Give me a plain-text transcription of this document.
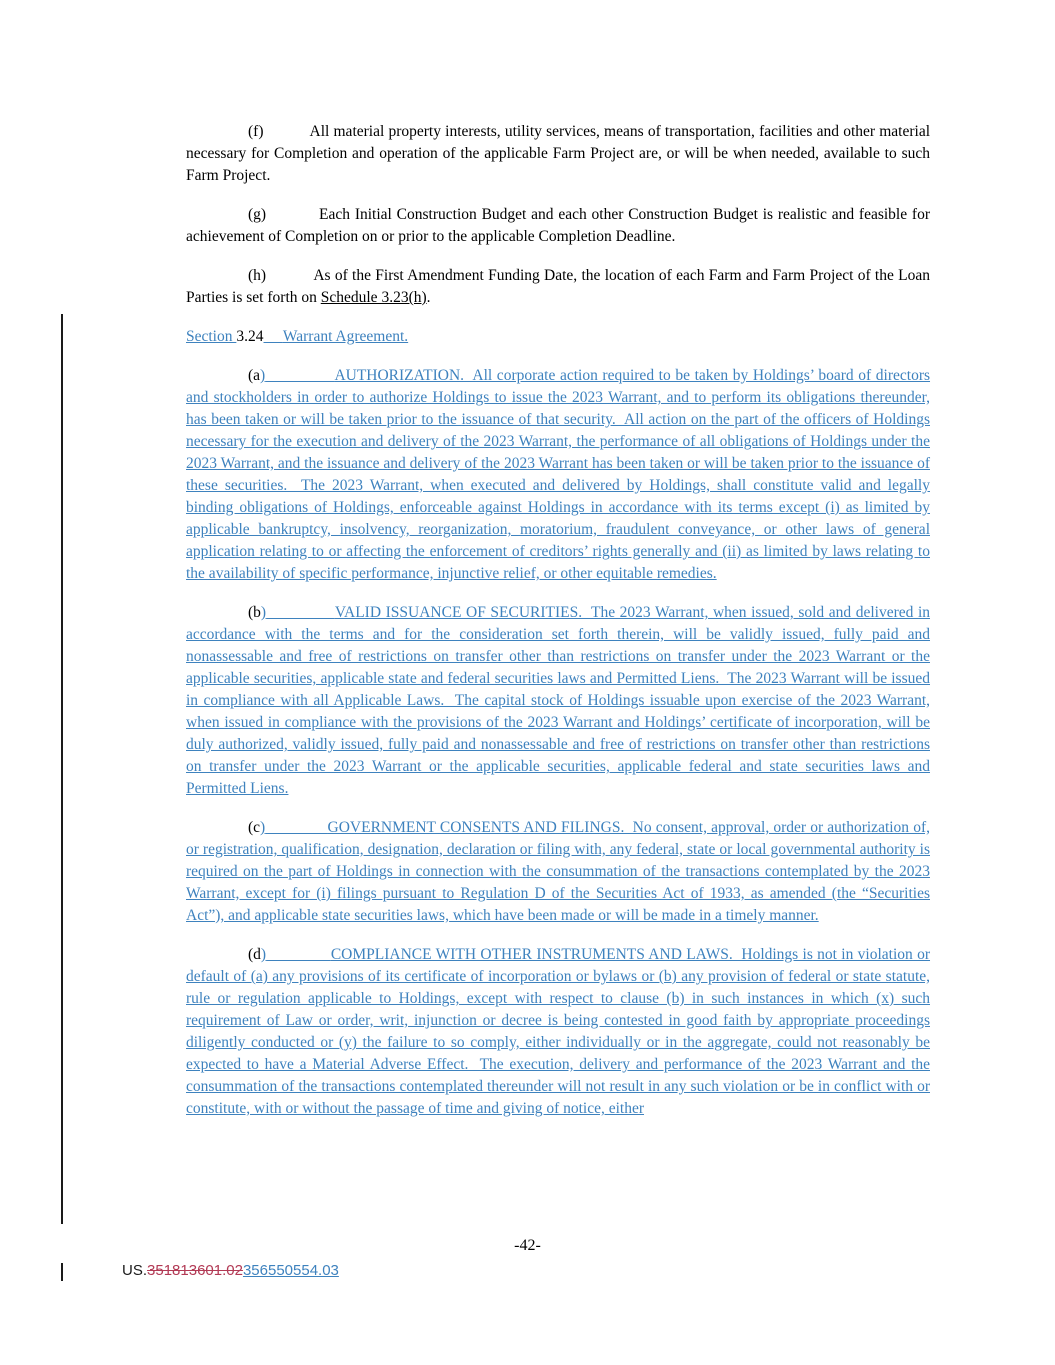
(f)	All material property interests, utility services, means of transportation, facilities and other material necessary for Completion and operation of the applicable Farm Project are, or will be when needed, available to such Farm Project.

(g)	Each Initial Construction Budget and each other Construction Budget is realistic and feasible for achievement of Completion on or prior to the applicable Completion Deadline.

(h)	As of the First Amendment Funding Date, the location of each Farm and Farm Project of the Loan Parties is set forth on Schedule 3.23(h).

Section 3.24 Warrant Agreement.

(a)	AUTHORIZATION.  All corporate action required to be taken by Holdings’ board of directors and stockholders in order to authorize Holdings to issue the 2023 Warrant, and to perform its obligations thereunder, has been taken or will be taken prior to the issuance of that security.  All action on the part of the officers of Holdings necessary for the execution and delivery of the 2023 Warrant, the performance of all obligations of Holdings under the 2023 Warrant, and the issuance and delivery of the 2023 Warrant has been taken or will be taken prior to the issuance of these securities.  The 2023 Warrant, when executed and delivered by Holdings, shall constitute valid and legally binding obligations of Holdings, enforceable against Holdings in accordance with its terms except (i) as limited by applicable bankruptcy, insolvency, reorganization, moratorium, fraudulent conveyance, or other laws of general application relating to or affecting the enforcement of creditors’ rights generally and (ii) as limited by laws relating to the availability of specific performance, injunctive relief, or other equitable remedies.

(b)	VALID ISSUANCE OF SECURITIES.  The 2023 Warrant, when issued, sold and delivered in accordance with the terms and for the consideration set forth therein, will be validly issued, fully paid and nonassessable and free of restrictions on transfer other than restrictions on transfer under the 2023 Warrant or the applicable securities, applicable state and federal securities laws and Permitted Liens.  The 2023 Warrant will be issued in compliance with all Applicable Laws.  The capital stock of Holdings issuable upon exercise of the 2023 Warrant, when issued in compliance with the provisions of the 2023 Warrant and Holdings’ certificate of incorporation, will be duly authorized, validly issued, fully paid and nonassessable and free of restrictions on transfer other than restrictions on transfer under the 2023 Warrant or the applicable securities, applicable federal and state securities laws and Permitted Liens.

(c)	GOVERNMENT CONSENTS AND FILINGS.  No consent, approval, order or authorization of, or registration, qualification, designation, declaration or filing with, any federal, state or local governmental authority is required on the part of Holdings in connection with the consummation of the transactions contemplated by the 2023 Warrant, except for (i) filings pursuant to Regulation D of the Securities Act of 1933, as amended (the “Securities Act”), and applicable state securities laws, which have been made or will be made in a timely manner.

(d)	COMPLIANCE WITH OTHER INSTRUMENTS AND LAWS.  Holdings is not in violation or default of (a) any provisions of its certificate of incorporation or bylaws or (b) any provision of federal or state statute, rule or regulation applicable to Holdings, except with respect to clause (b) in such instances in which (x) such requirement of Law or order, writ, injunction or decree is being contested in good faith by appropriate proceedings diligently conducted or (y) the failure to so comply, either individually or in the aggregate, could not reasonably be expected to have a Material Adverse Effect.  The execution, delivery and performance of the 2023 Warrant and the consummation of the transactions contemplated thereunder will not result in any such violation or be in conflict with or constitute, with or without the passage of time and giving of notice, either

-42-
US.351813601.02356550554.03
